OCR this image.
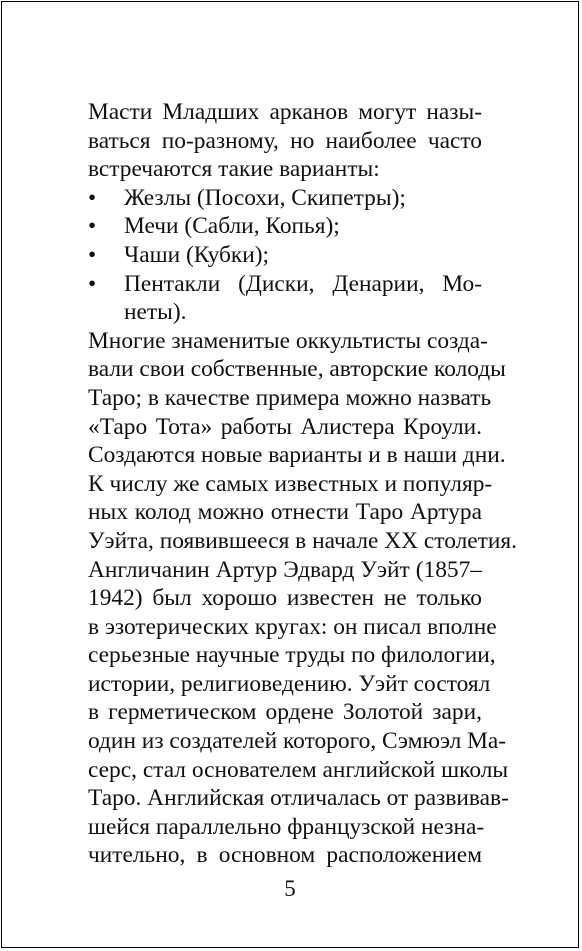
Масти Младших арканов могут назы-
ваться по-разному, но наиболее часто
встречаются такие варианты:
•	Жезлы (Посохи, Скипетры);
•	Мечи (Сабли, Копья);
•	Чаши (Кубки);
•	Пентакли (Диски, Денарии, Мо-
неты).
Многие знаменитые оккультисты созда-
вали свои собственные, авторские колоды
Таро; в качестве примера можно назвать
«Таро Тота» работы Алистера Кроули.
Создаются новые варианты и в наши дни.
К числу же самых известных и популяр-
ных колод можно отнести Таро Артура
Уэйта, появившееся в начале XX столетия.
Англичанин Артур Эдвард Уэйт (1857–
1942) был хорошо известен не только
в эзотерических кругах: он писал вполне
серьезные научные труды по филологии,
истории, религиоведению. Уэйт состоял
в герметическом ордене Золотой зари,
один из создателей которого, Сэмюэл Ма-
серс, стал основателем английской школы
Таро. Английская отличалась от развивав-
шейся параллельно французской незна-
чительно, в основном расположением
5
